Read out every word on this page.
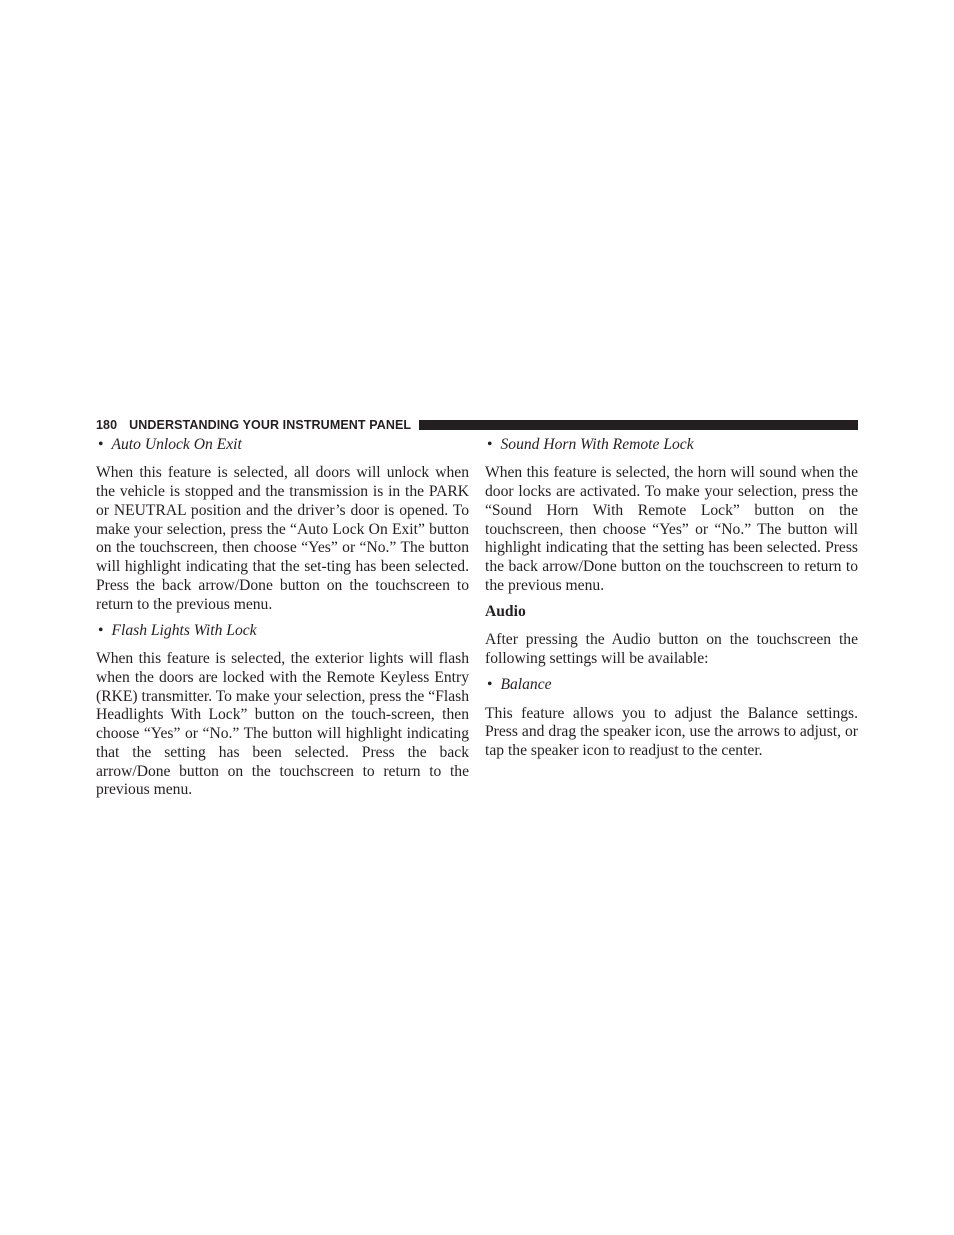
180 UNDERSTANDING YOUR INSTRUMENT PANEL
• Auto Unlock On Exit

When this feature is selected, all doors will unlock when the vehicle is stopped and the transmission is in the PARK or NEUTRAL position and the driver’s door is opened. To make your selection, press the “Auto Lock On Exit” button on the touchscreen, then choose “Yes” or “No.” The button will highlight indicating that the set-ting has been selected. Press the back arrow/Done button on the touchscreen to return to the previous menu.

• Flash Lights With Lock

When this feature is selected, the exterior lights will flash when the doors are locked with the Remote Keyless Entry (RKE) transmitter. To make your selection, press the “Flash Headlights With Lock” button on the touch-screen, then choose “Yes” or “No.” The button will highlight indicating that the setting has been selected. Press the back arrow/Done button on the touchscreen to return to the previous menu.

• Sound Horn With Remote Lock

When this feature is selected, the horn will sound when the door locks are activated. To make your selection, press the “Sound Horn With Remote Lock” button on the touchscreen, then choose “Yes” or “No.” The button will highlight indicating that the setting has been selected. Press the back arrow/Done button on the touchscreen to return to the previous menu.

Audio

After pressing the Audio button on the touchscreen the following settings will be available:

• Balance

This feature allows you to adjust the Balance settings. Press and drag the speaker icon, use the arrows to adjust, or tap the speaker icon to readjust to the center.
